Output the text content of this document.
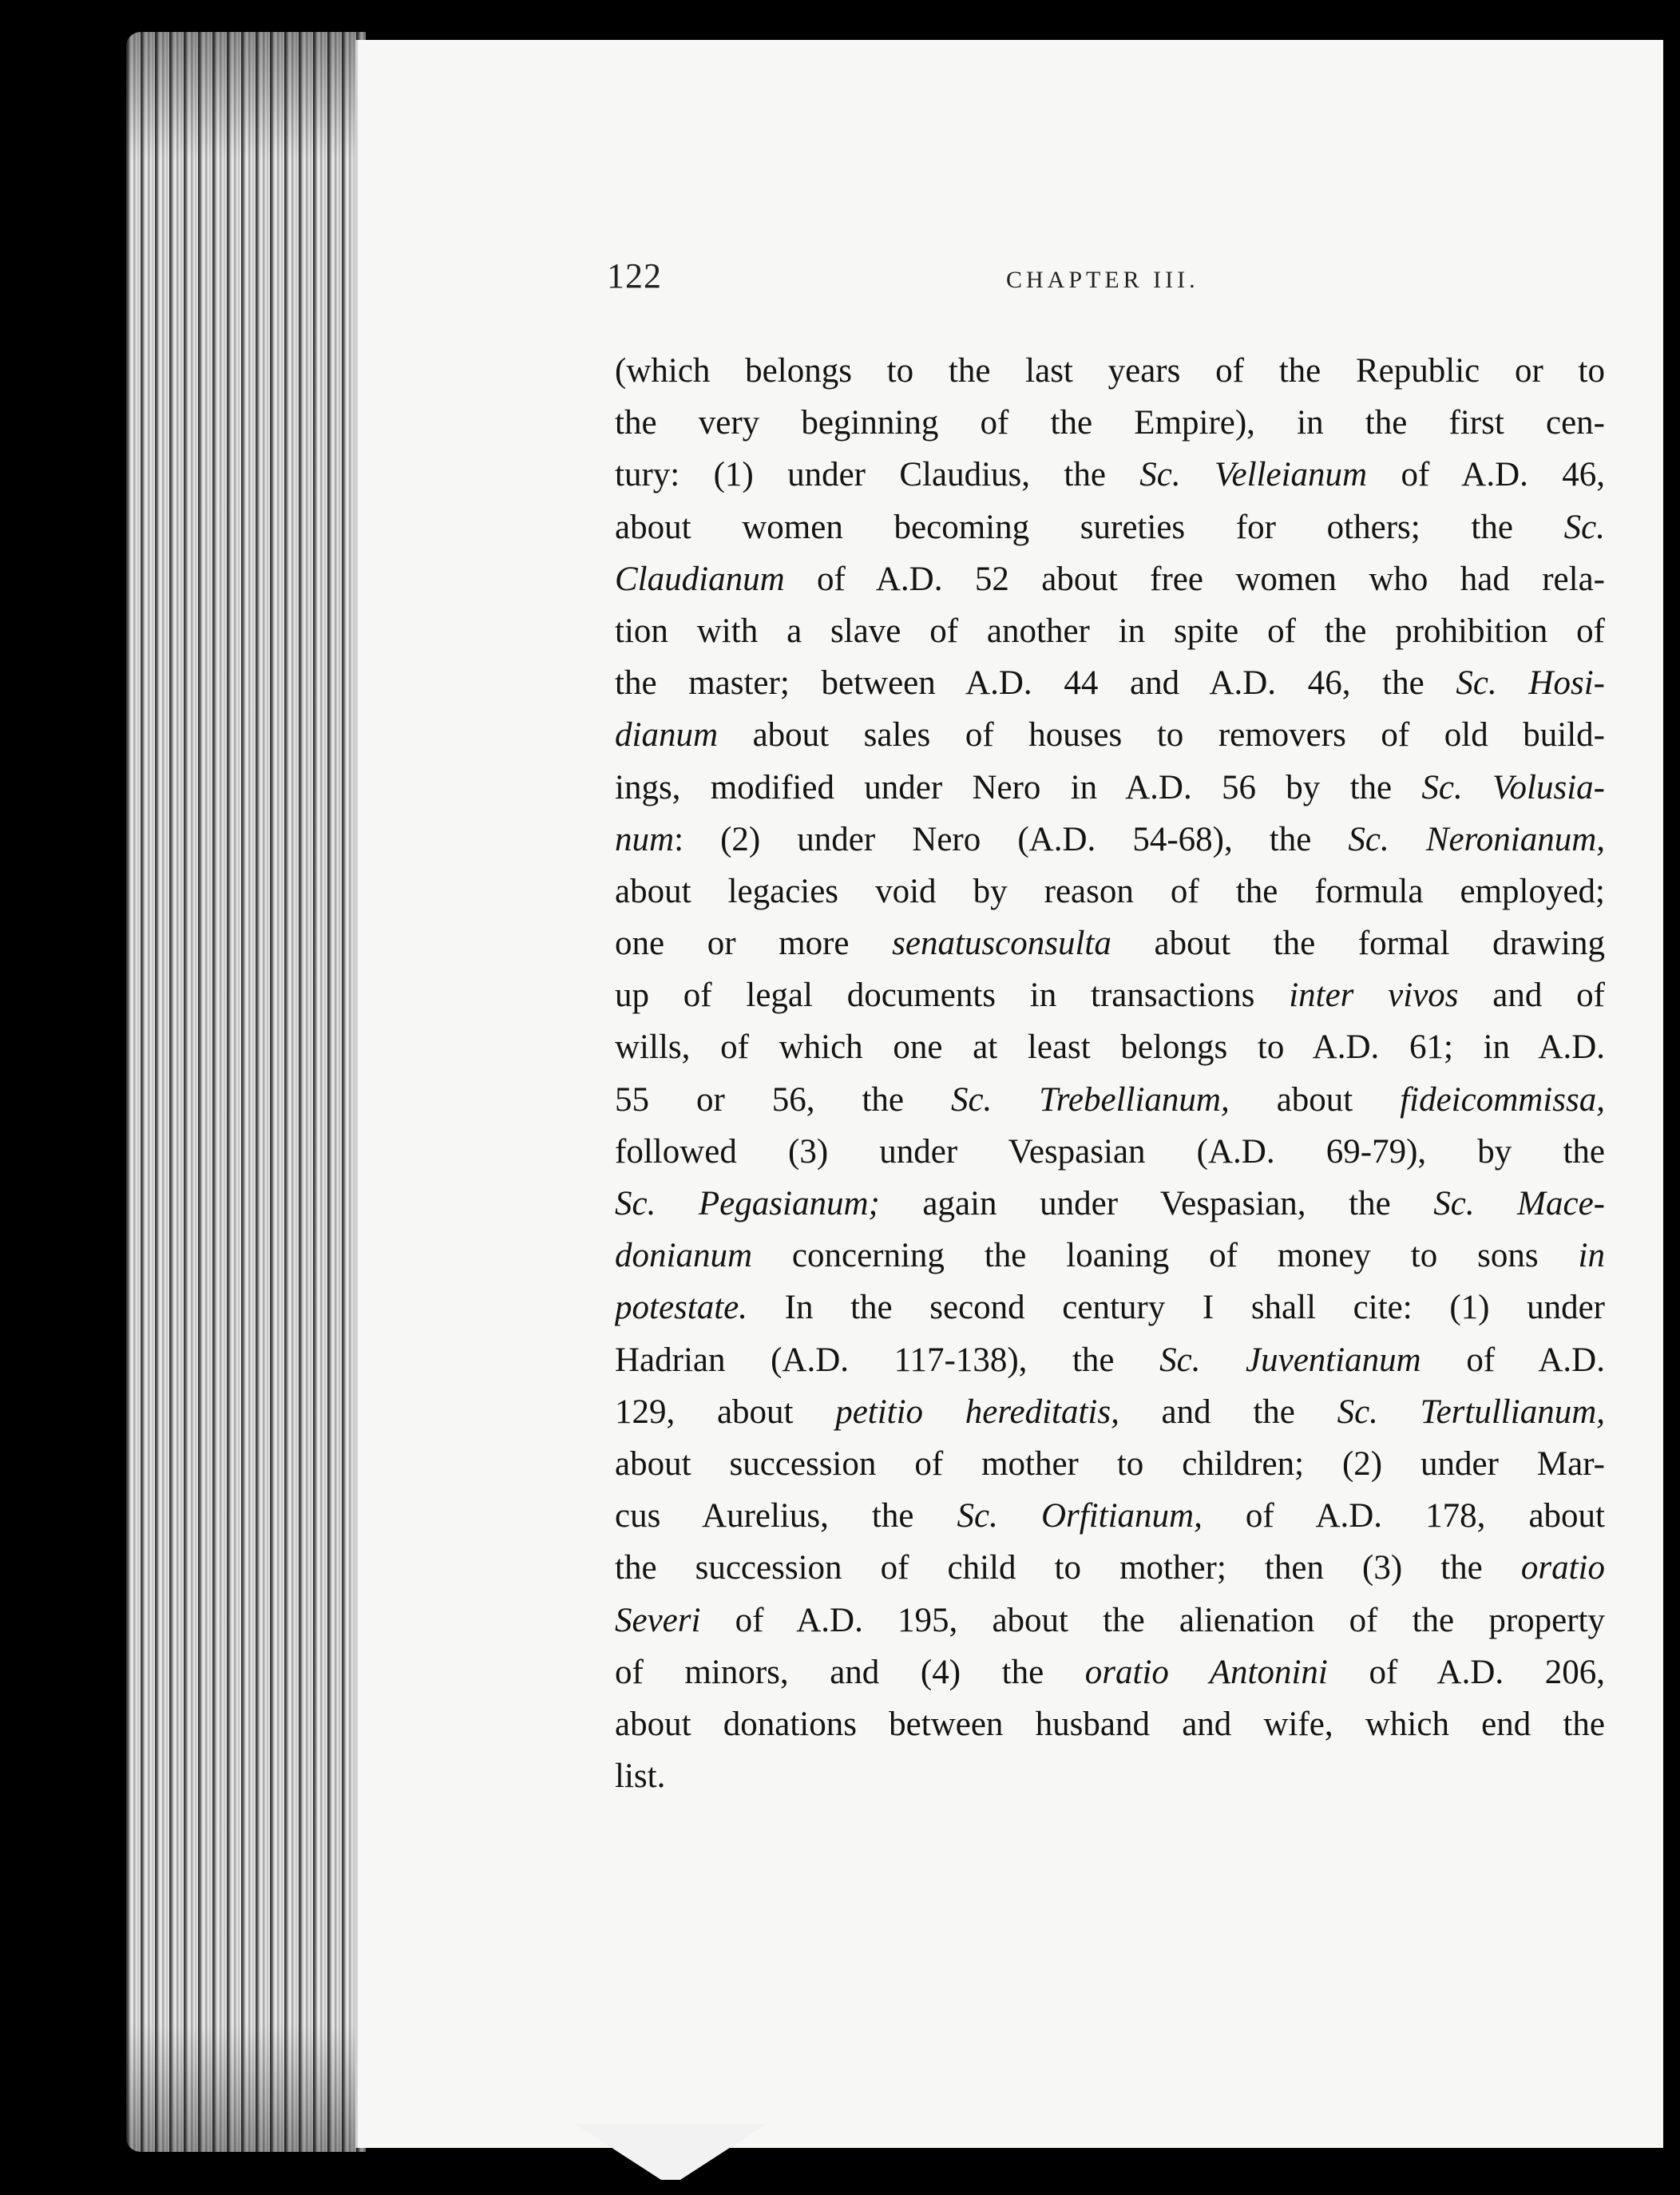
122	CHAPTER III.
(which belongs to the last years of the Republic or to
the very beginning of the Empire), in the first cen-
tury: (1) under Claudius, the Sc. Velleianum of A.D. 46,
about women becoming sureties for others; the Sc.
Claudianum of A.D. 52 about free women who had rela-
tion with a slave of another in spite of the prohibition of
the master; between A.D. 44 and A.D. 46, the Sc. Hosi-
dianum about sales of houses to removers of old build-
ings, modified under Nero in A.D. 56 by the Sc. Volusia-
num: (2) under Nero (A.D. 54-68), the Sc. Neronianum,
about legacies void by reason of the formula employed;
one or more senatusconsulta about the formal drawing
up of legal documents in transactions inter vivos and of
wills, of which one at least belongs to A.D. 61; in A.D.
55 or 56, the Sc. Trebellianum, about fideicommissa,
followed (3) under Vespasian (A.D. 69-79), by the
Sc. Pegasianum; again under Vespasian, the Sc. Mace-
donianum concerning the loaning of money to sons in
potestate. In the second century I shall cite: (1) under
Hadrian (A.D. 117-138), the Sc. Juventianum of A.D.
129, about petitio hereditatis, and the Sc. Tertullianum,
about succession of mother to children; (2) under Mar-
cus Aurelius, the Sc. Orfitianum, of A.D. 178, about
the succession of child to mother; then (3) the oratio
Severi of A.D. 195, about the alienation of the property
of minors, and (4) the oratio Antonini of A.D. 206,
about donations between husband and wife, which end the
list.
